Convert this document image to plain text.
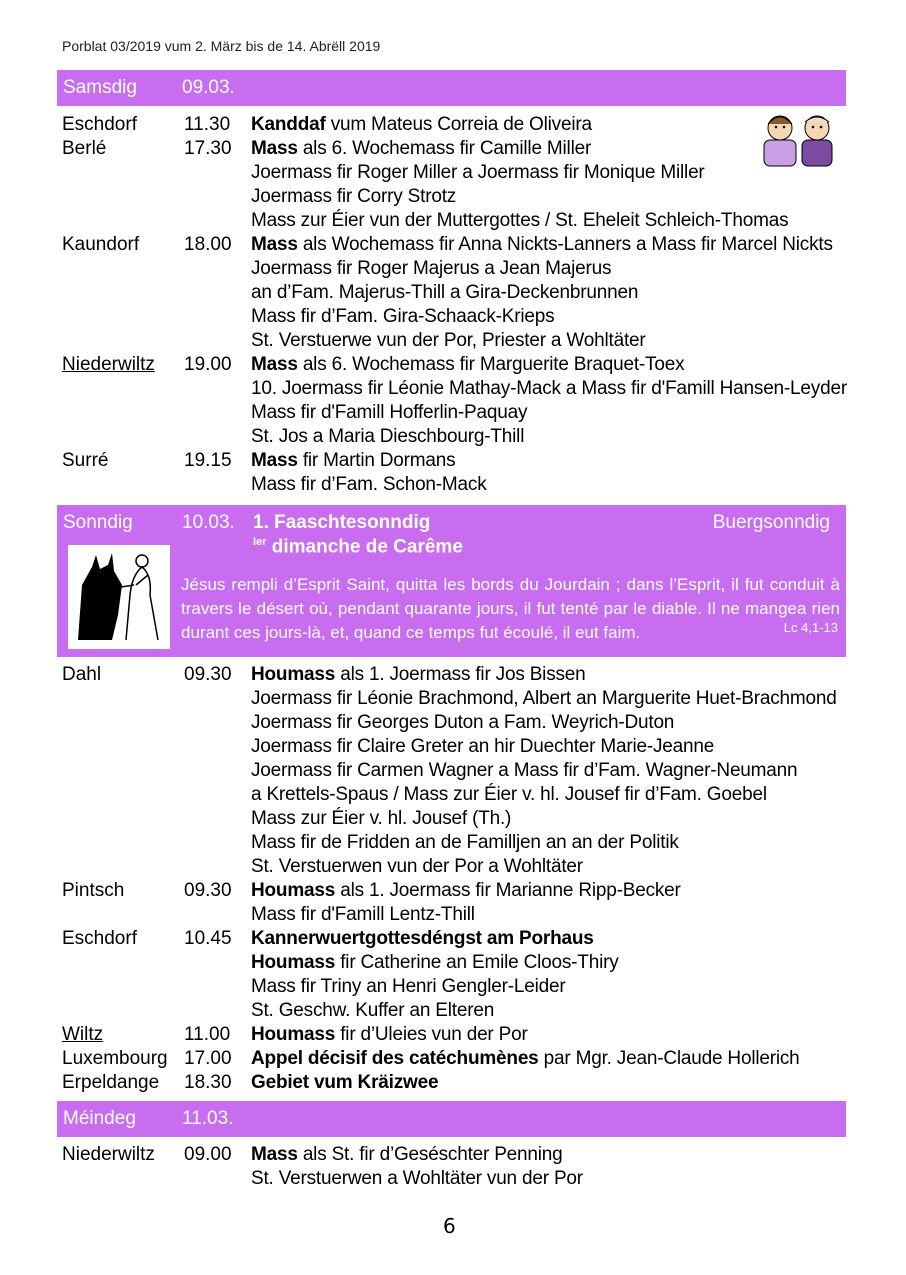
Porblat 03/2019 vum 2. März bis de 14. Abrëll 2019
Samsdig 09.03.
Eschdorf 11.30 Kanddaf vum Mateus Correia de Oliveira
Berlé	17.30 Mass als 6. Wochemass fir Camille Miller
Joermass fir Roger Miller a Joermass fir Monique Miller
Joermass fir Corry Strotz
Mass zur Éier vun der Muttergottes / St. Eheleit Schleich-Thomas
Kaundorf 18.00 Mass als Wochemass fir Anna Nickts-Lanners a Mass fir Marcel Nickts
Joermass fir Roger Majerus a Jean Majerus
an d’Fam. Majerus-Thill a Gira-Deckenbrunnen
Mass fir d’Fam. Gira-Schaack-Krieps
St. Verstuerwe vun der Por, Priester a Wohltäter
Niederwiltz 19.00 Mass als 6. Wochemass fir Marguerite Braquet-Toex
10. Joermass fir Léonie Mathay-Mack a Mass fir d'Famill Hansen-Leyder
Mass fir d'Famill Hofferlin-Paquay
St. Jos a Maria Dieschbourg-Thill
Surré	19.15 Mass fir Martin Dormans
Mass fir d’Fam. Schon-Mack
Sonndig	10.03. 1. Faaschtesonndig
$^{Ier}$ dimanche de Carême
Buergsonndig
Jésus rempli d’Esprit Saint, quitta les bords du Jourdain ; dans l’Esprit, il fut conduit à travers le désert où, pendant quarante jours, il fut tenté par le diable. Il ne mangea rien durant ces jours-là, et, quand ce temps fut écoulé, il eut faim.	Lc 4,1-13
Dahl	09.30 Houmass als 1. Joermass fir Jos Bissen
Joermass fir Léonie Brachmond, Albert an Marguerite Huet-Brachmond
Joermass fir Georges Duton a Fam. Weyrich-Duton
Joermass fir Claire Greter an hir Duechter Marie-Jeanne
Joermass fir Carmen Wagner a Mass fir d’Fam. Wagner-Neumann
a Krettels-Spaus / Mass zur Éier v. hl. Jousef fir d’Fam. Goebel
Mass zur Éier v. hl. Jousef (Th.)
Mass fir de Fridden an de Familljen an an der Politik
St. Verstuerwen vun der Por a Wohltäter
Pintsch	09.30 Houmass als 1. Joermass fir Marianne Ripp-Becker
Mass fir d'Famill Lentz-Thill
Eschdorf 10.45 Kannerwuertgottesdéngst am Porhaus
Houmass fir Catherine an Emile Cloos-Thiry
Mass fir Triny an Henri Gengler-Leider
St. Geschw. Kuffer an Elteren
Wiltz	11.00 Houmass fir d’Uleies vun der Por
Luxembourg 17.00 Appel décisif des catéchumènes par Mgr. Jean-Claude Hollerich
Erpeldange 18.30 Gebiet vum Kräizwee
Méindeg 11.03.
Niederwiltz 09.00 Mass als St. fir d’Geséschter Penning
St. Verstuerwen a Wohltäter vun der Por
6
